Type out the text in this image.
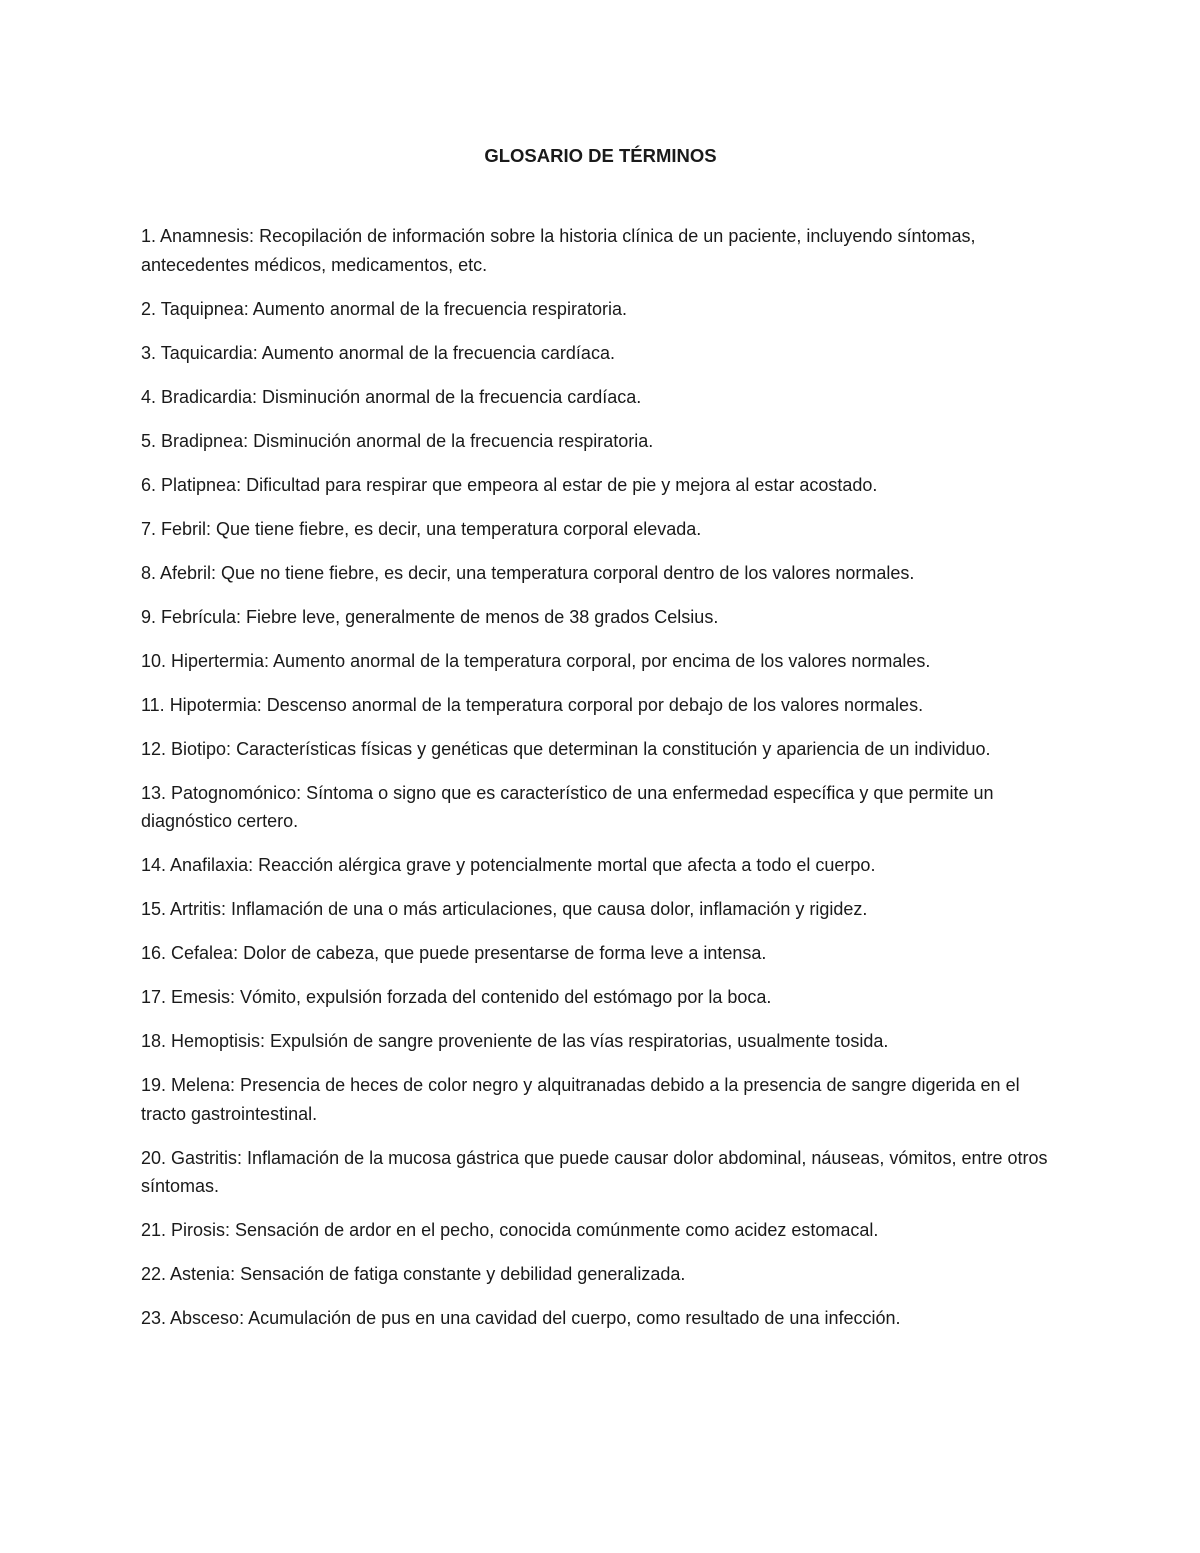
GLOSARIO DE TÉRMINOS
1. Anamnesis: Recopilación de información sobre la historia clínica de un paciente, incluyendo síntomas, antecedentes médicos, medicamentos, etc.
2. Taquipnea: Aumento anormal de la frecuencia respiratoria.
3. Taquicardia: Aumento anormal de la frecuencia cardíaca.
4. Bradicardia: Disminución anormal de la frecuencia cardíaca.
5. Bradipnea: Disminución anormal de la frecuencia respiratoria.
6. Platipnea: Dificultad para respirar que empeora al estar de pie y mejora al estar acostado.
7. Febril: Que tiene fiebre, es decir, una temperatura corporal elevada.
8. Afebril: Que no tiene fiebre, es decir, una temperatura corporal dentro de los valores normales.
9. Febrícula: Fiebre leve, generalmente de menos de 38 grados Celsius.
10. Hipertermia: Aumento anormal de la temperatura corporal, por encima de los valores normales.
11. Hipotermia: Descenso anormal de la temperatura corporal por debajo de los valores normales.
12. Biotipo: Características físicas y genéticas que determinan la constitución y apariencia de un individuo.
13. Patognomónico: Síntoma o signo que es característico de una enfermedad específica y que permite un diagnóstico certero.
14. Anafilaxia: Reacción alérgica grave y potencialmente mortal que afecta a todo el cuerpo.
15. Artritis: Inflamación de una o más articulaciones, que causa dolor, inflamación y rigidez.
16. Cefalea: Dolor de cabeza, que puede presentarse de forma leve a intensa.
17. Emesis: Vómito, expulsión forzada del contenido del estómago por la boca.
18. Hemoptisis: Expulsión de sangre proveniente de las vías respiratorias, usualmente tosida.
19. Melena: Presencia de heces de color negro y alquitranadas debido a la presencia de sangre digerida en el tracto gastrointestinal.
20. Gastritis: Inflamación de la mucosa gástrica que puede causar dolor abdominal, náuseas, vómitos, entre otros síntomas.
21. Pirosis: Sensación de ardor en el pecho, conocida comúnmente como acidez estomacal.
22. Astenia: Sensación de fatiga constante y debilidad generalizada.
23. Absceso: Acumulación de pus en una cavidad del cuerpo, como resultado de una infección.
